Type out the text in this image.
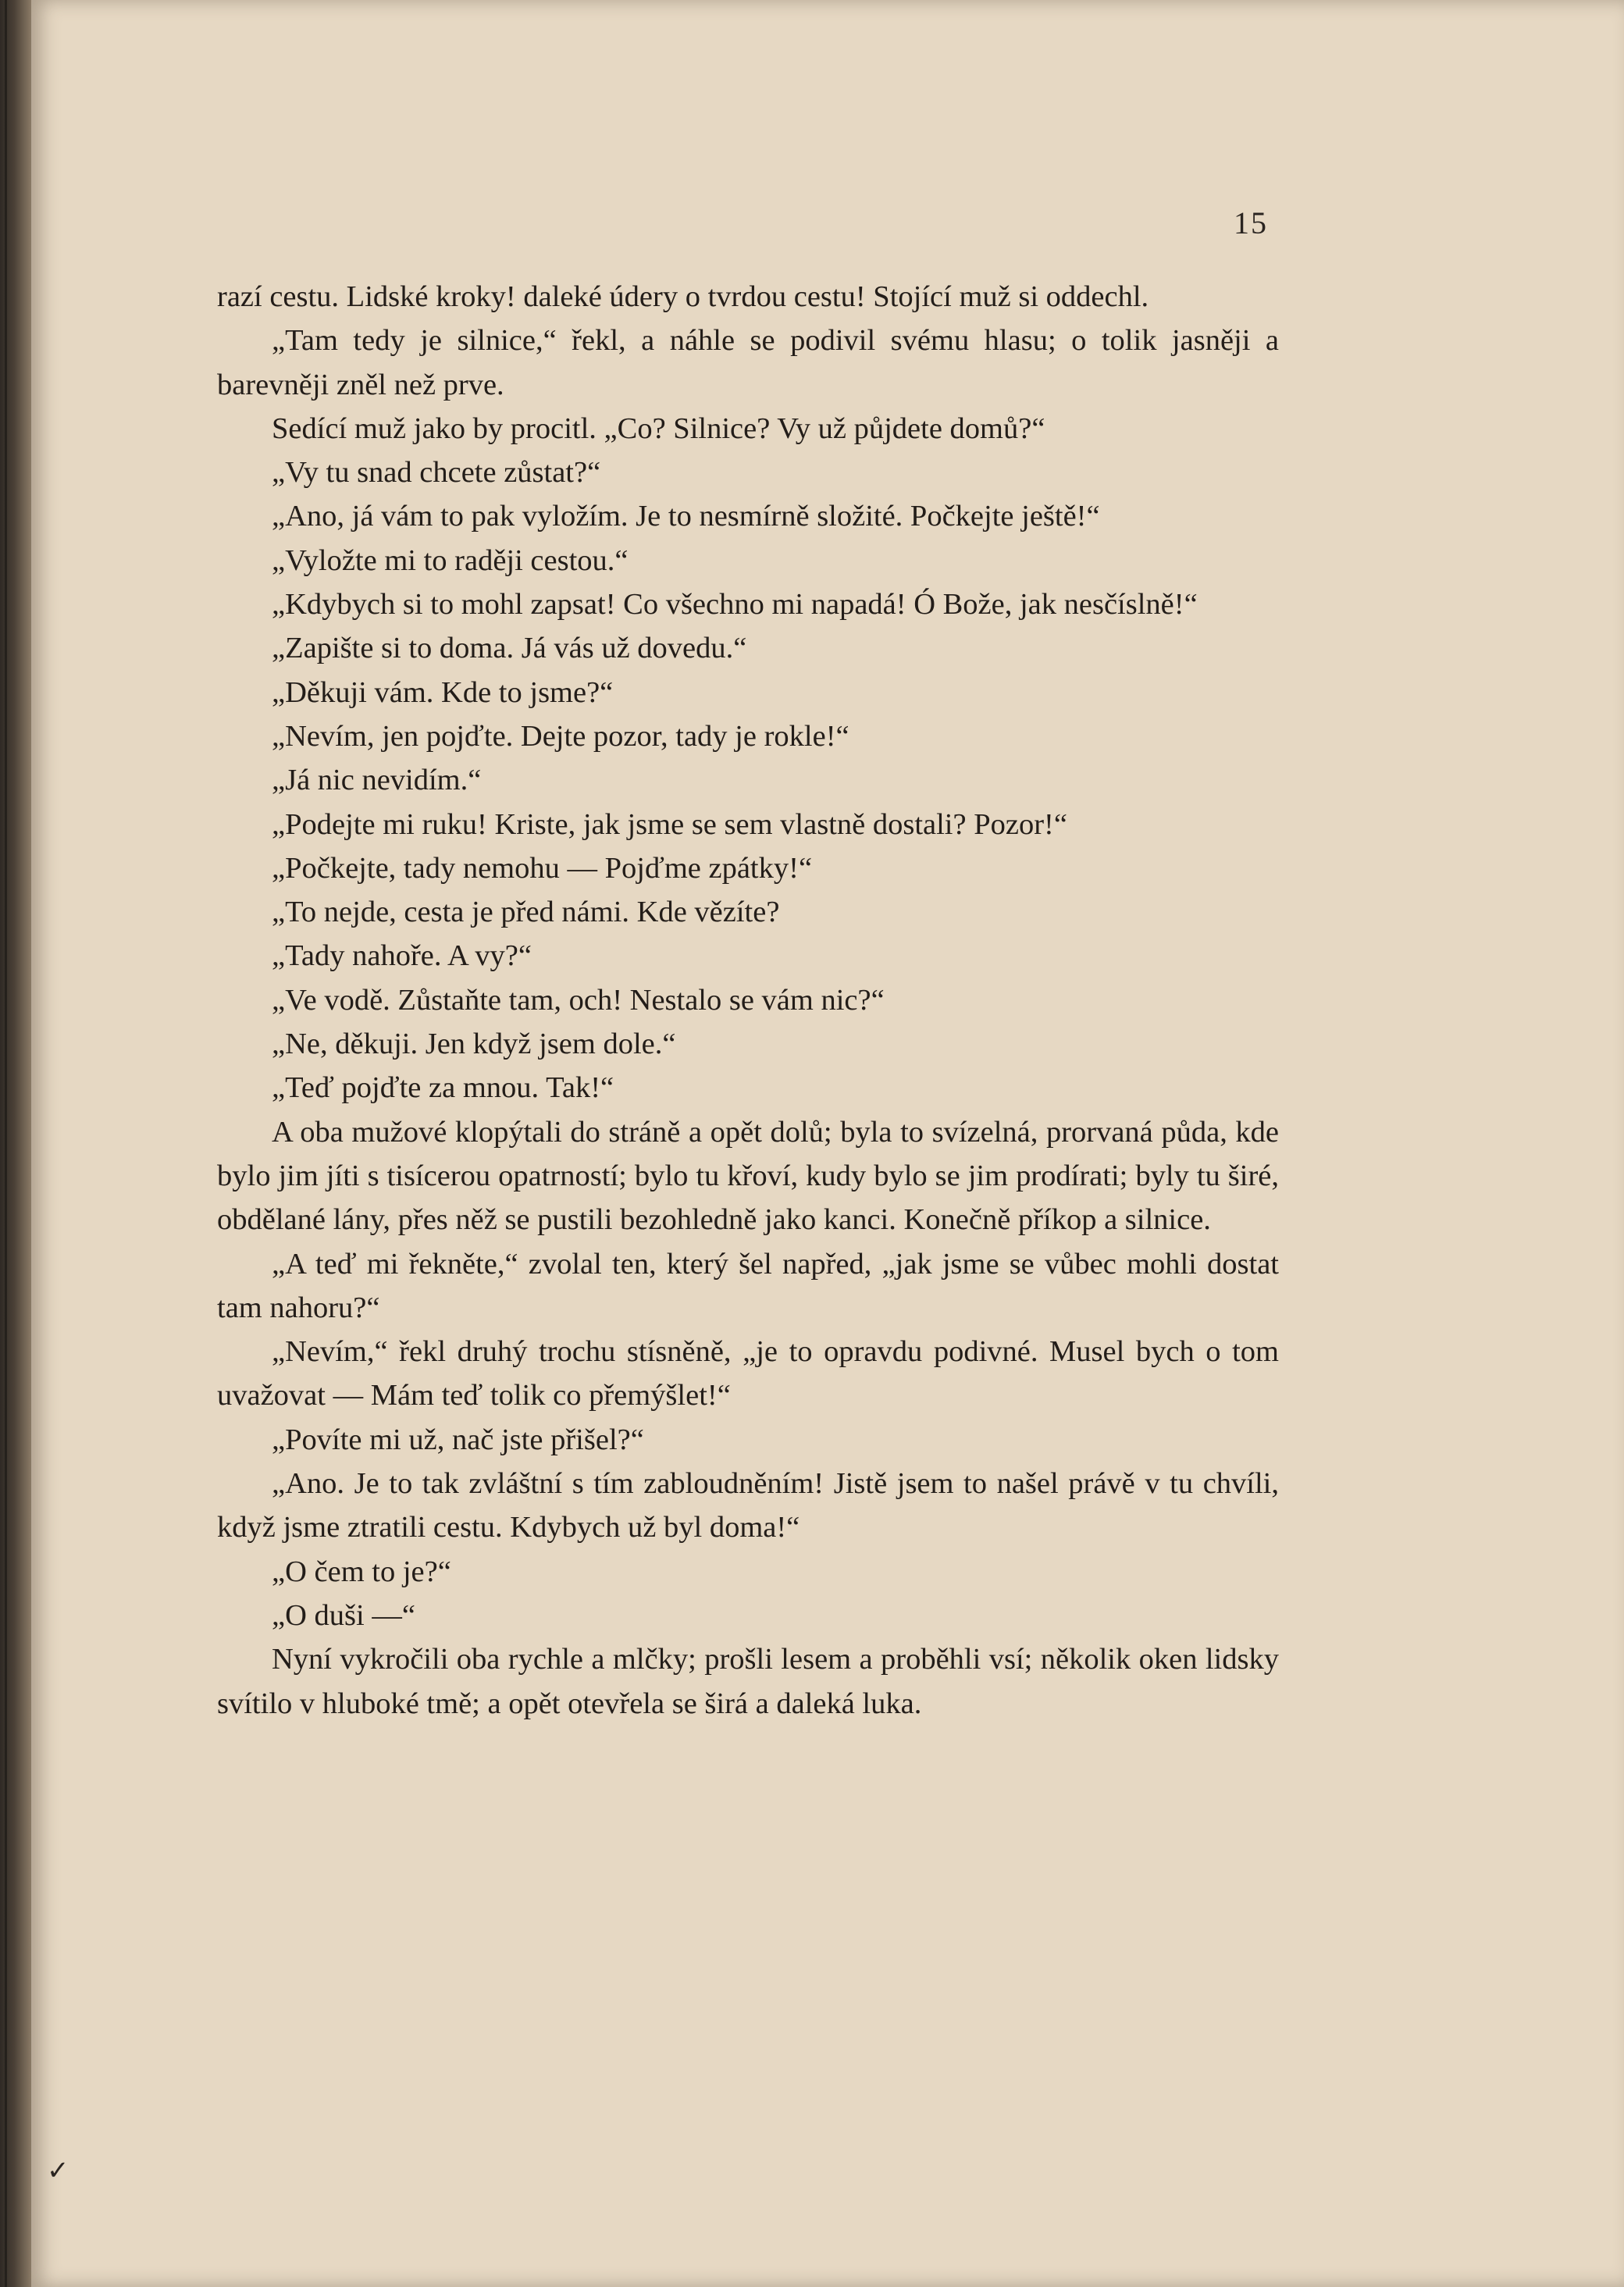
15

razí cestu. Lidské kroky! daleké údery o tvrdou cestu! Stojící muž si oddechl.

„Tam tedy je silnice,“ řekl, a náhle se podivil svému hlasu; o tolik jasněji a barevněji zněl než prve.

Sedící muž jako by procitl. „Co? Silnice? Vy už půjdete domů?“

„Vy tu snad chcete zůstat?“

„Ano, já vám to pak vyložím. Je to nesmírně složité. Počkejte ještě!“

„Vyložte mi to raději cestou.“

„Kdybych si to mohl zapsat! Co všechno mi napadá! Ó Bože, jak nesčíslně!“

„Zapište si to doma. Já vás už dovedu.“

„Děkuji vám. Kde to jsme?“

„Nevím, jen pojďte. Dejte pozor, tady je rokle!“

„Já nic nevidím.“

„Podejte mi ruku! Kriste, jak jsme se sem vlastně dostali? Pozor!“

„Počkejte, tady nemohu — Pojďme zpátky!“

„To nejde, cesta je před námi. Kde vězíte?

„Tady nahoře. A vy?“

„Ve vodě. Zůstaňte tam, och! Nestalo se vám nic?“

„Ne, děkuji. Jen když jsem dole.“

„Teď pojďte za mnou. Tak!“

A oba mužové klopýtali do stráně a opět dolů; byla to svízelná, prorvaná půda, kde bylo jim jíti s tisícerou opatrností; bylo tu křoví, kudy bylo se jim prodírati; byly tu širé, obdělané lány, přes něž se pustili bezohledně jako kanci. Konečně příkop a silnice.

„A teď mi řekněte,“ zvolal ten, který šel napřed, „jak jsme se vůbec mohli dostat tam nahoru?“

„Nevím,“ řekl druhý trochu stísněně, „je to opravdu podivné. Musel bych o tom uvažovat — Mám teď tolik co přemýšlet!“

„Povíte mi už, nač jste přišel?“

„Ano. Je to tak zvláštní s tím zabloudněním! Jistě jsem to našel právě v tu chvíli, když jsme ztratili cestu. Kdybych už byl doma!“

„O čem to je?“

„O duši —“

Nyní vykročili oba rychle a mlčky; prošli lesem a proběhli vsí; několik oken lidsky svítilo v hluboké tmě; a opět otevřela se širá a daleká luka.

✓
